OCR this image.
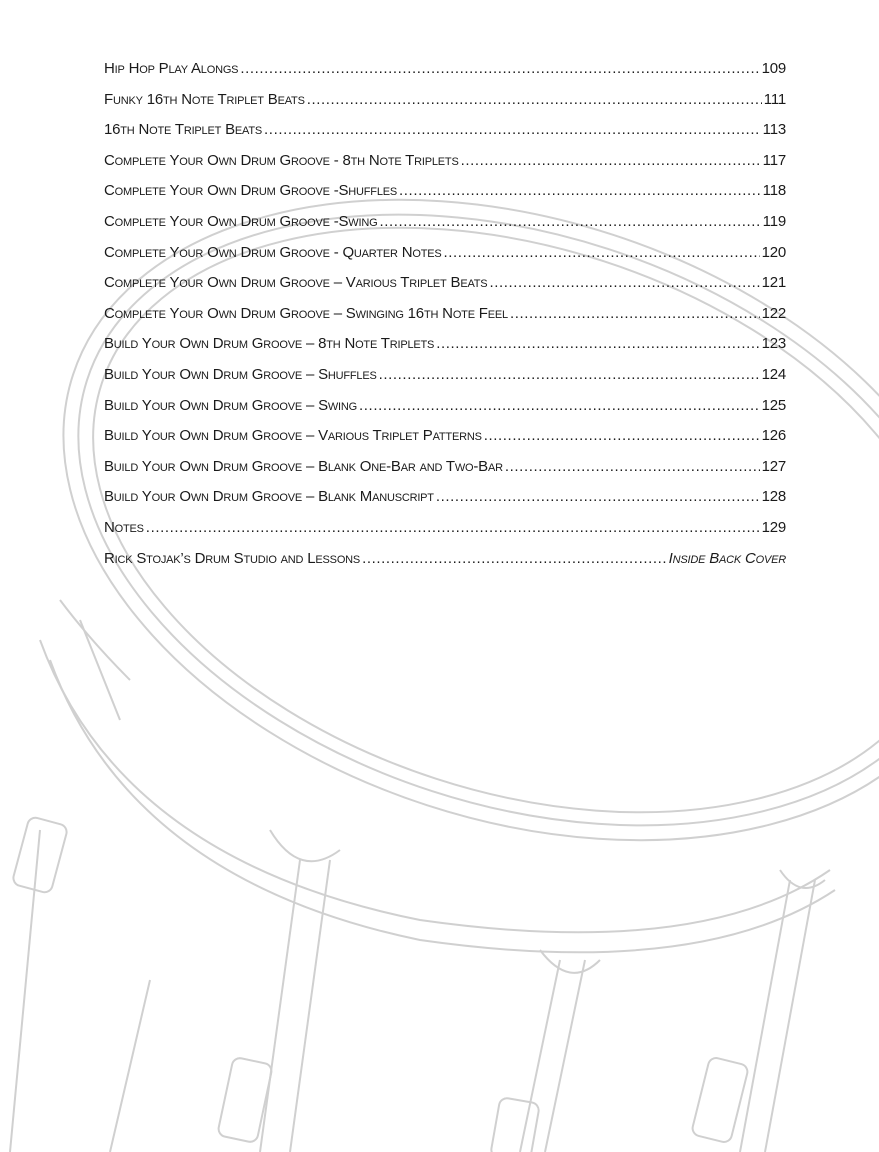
Hip Hop Play Alongs .....	109
Funky 16th Note Triplet Beats .....	111
16th Note Triplet Beats .....	113
Complete Your Own Drum Groove - 8th Note Triplets .....	117
Complete Your Own Drum Groove -Shuffles .....	118
Complete Your Own Drum Groove -Swing .....	119
Complete Your Own Drum Groove - Quarter Notes .....	120
Complete Your Own Drum Groove – Various Triplet Beats .....	121
Complete Your Own Drum Groove – Swinging 16th Note Feel .....	122
Build Your Own Drum Groove – 8th Note Triplets .....	123
Build Your Own Drum Groove – Shuffles .....	124
Build Your Own Drum Groove – Swing .....	125
Build Your Own Drum Groove – Various Triplet Patterns .....	126
Build Your Own Drum Groove – Blank One-Bar and Two-Bar .....	127
Build Your Own Drum Groove – Blank Manuscript .....	128
Notes .....	129
Rick Stojak’s Drum Studio and Lessons .....	Inside Back Cover
